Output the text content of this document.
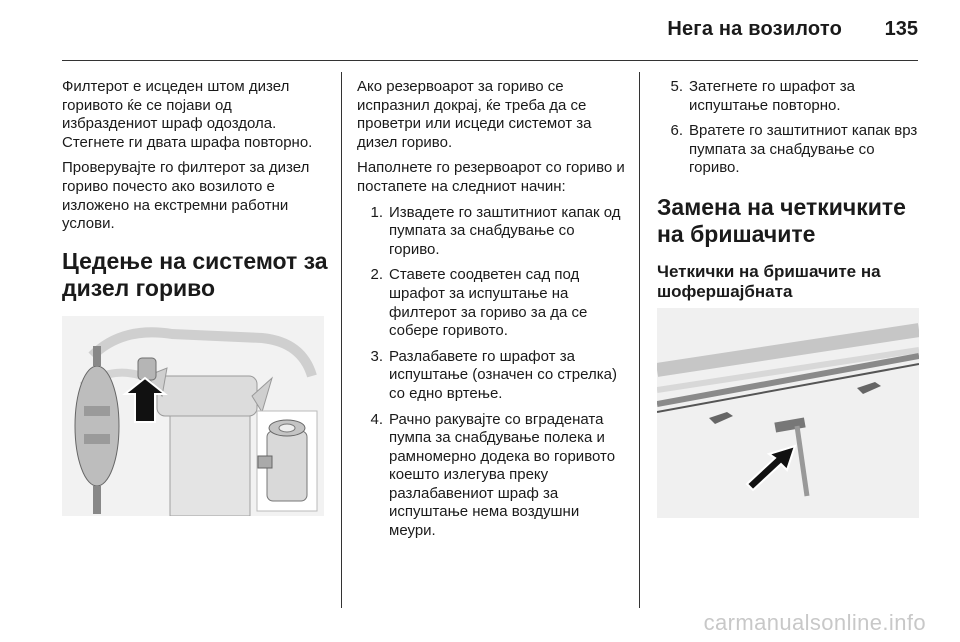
Нега на возилото 135

Филтерот е исцеден штом дизел горивото ќе се појави од избраздениот шраф одоздола. Стегнете ги двата шрафа повторно.

Проверувајте го филтерот за дизел гориво почесто ако возилото е изложено на екстремни работни услови.

Цедење на системот за дизел гориво

Ако резервоарот за гориво се испразнил докрај, ќе треба да се проветри или исцеди системот за дизел гориво.

Наполнете го резервоарот со гориво и постапете на следниот начин:

1. Извадете го заштитниот капак од пумпата за снабдување со гориво.
2. Ставете соодветен сад под шрафот за испуштање на филтерот за гориво за да се собере горивото.
3. Разлабавете го шрафот за испуштање (означен со стрелка) со едно вртење.
4. Рачно ракувајте со вградената пумпа за снабдување полека и рамномерно додека во горивото коешто излегува преку разлабавениот шраф за испуштање нема воздушни меури.
5. Затегнете го шрафот за испуштање повторно.
6. Вратете го заштитниот капак врз пумпата за снабдување со гориво.
Замена на четкичките на бришачите
Четкички на бришачите на шофершајбната
carmanualsonline.info
